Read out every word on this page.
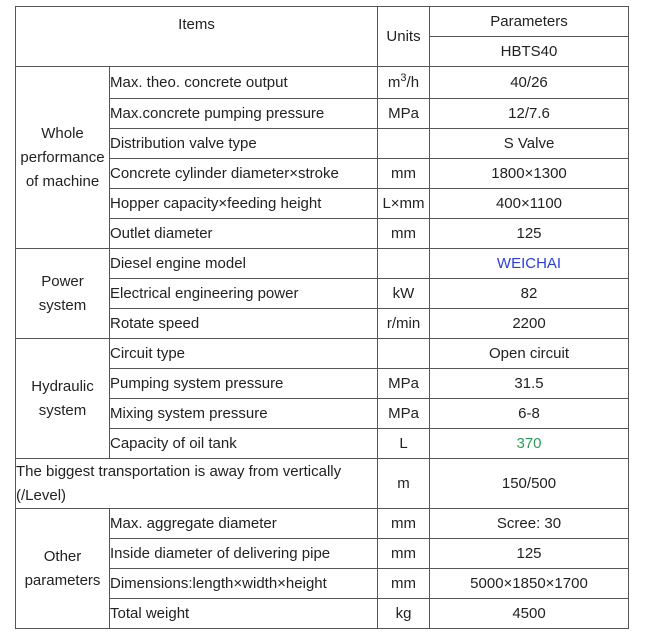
Items		Units	Parameters
			HBTS40
Whole performance of machine	Max. theo. concrete output	$m^3/h$	40/26
	Max.concrete pumping pressure	MPa	12/7.6
	Distribution valve type		S Valve
	Concrete cylinder diameter×stroke	mm	1800×1300
	Hopper capacity×feeding height	L×mm	400×1100
	Outlet diameter	mm	125
Power system	Diesel engine model		WEICHAI
	Electrical engineering power	kW	82
	Rotate speed	r/min	2200
Hydraulic system	Circuit type		Open circuit
	Pumping system pressure	MPa	31.5
	Mixing system pressure	MPa	6-8
	Capacity of oil tank	L	370
The biggest transportation is away from vertically (/Level)		m	150/500
Other parameters	Max. aggregate diameter	mm	Scree: 30
	Inside diameter of delivering pipe	mm	125
	Dimensions:length×width×height	mm	5000×1850×1700
	Total weight	kg	4500
